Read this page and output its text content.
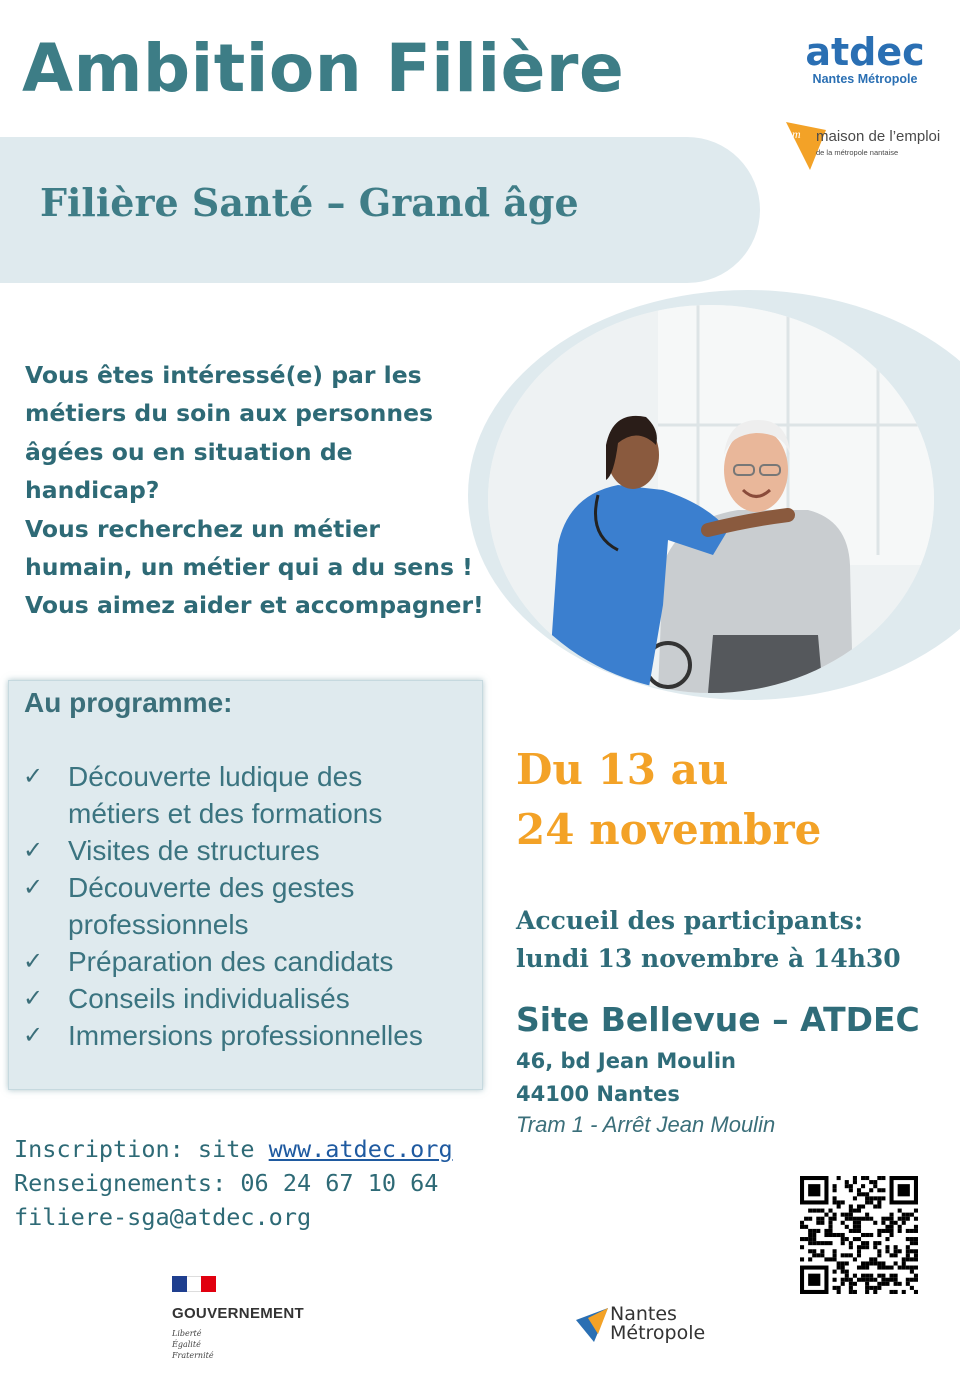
Ambition Filière	atdec
Nantes Métropole
m maison de l’emploi
de la métropole nantaise
Filière Santé – Grand âge
Vous êtes intéressé(e) par les
métiers du soin aux personnes
âgées ou en situation de
handicap?
Vous recherchez un métier
humain, un métier qui a du sens !
Vous aimez aider et accompagner!
Au programme:
✓ Découverte ludique des
métiers et des formations
✓ Visites de structures
✓ Découverte des gestes
professionnels
✓ Préparation des candidats
✓ Conseils individualisés
✓ Immersions professionnelles
Du 13 au
24 novembre
Accueil des participants:
lundi 13 novembre à 14h30
Site Bellevue – ATDEC
46, bd Jean Moulin
44100 Nantes
Tram 1 - Arrêt Jean Moulin
Inscription: site www.atdec.org
Renseignements: 06 24 67 10 64
filiere-sga@atdec.org
GOUVERNEMENT
Liberté
Égalité
Fraternité
Nantes
Métropole
